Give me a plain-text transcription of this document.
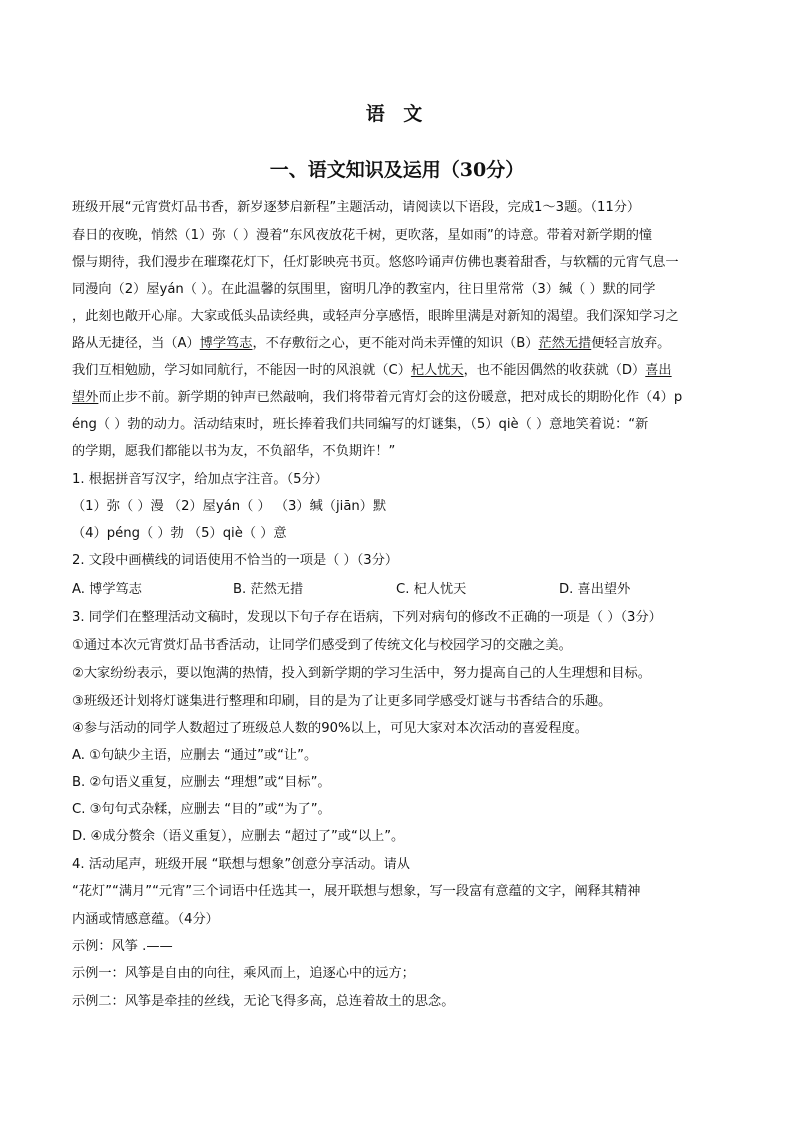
语 文
一、语文知识及运用（30分）
班级开展“元宵赏灯品书香，新岁逐梦启新程”主题活动，请阅读以下语段，完成1～3题。（11分）
春日的夜晚，悄然（1）弥（ ）漫着“东风夜放花千树，更吹落，星如雨”的诗意。带着对新学期的憧
憬与期待，我们漫步在璀璨花灯下，任灯影映亮书页。悠悠吟诵声仿佛也裹着甜香，与软糯的元宵气息一
同漫向（2）屋yán（ ）。在此温馨的氛围里，窗明几净的教室内，往日里常常（3）缄（ ）默的同学
，此刻也敞开心扉。大家或低头品读经典，或轻声分享感悟，眼眸里满是对新知的渴望。我们深知学习之
路从无捷径，当（A）博学笃志，不存敷衍之心，更不能对尚未弄懂的知识（B）茫然无措便轻言放弃。
我们互相勉励，学习如同航行，不能因一时的风浪就（C）杞人忧天，也不能因偶然的收获就（D）喜出
望外而止步不前。新学期的钟声已然敲响，我们将带着元宵灯会的这份暖意，把对成长的期盼化作（4）p
éng（ ）勃的动力。活动结束时，班长捧着我们共同编写的灯谜集，（5）qiè（ ）意地笑着说：“新
的学期，愿我们都能以书为友，不负韶华，不负期许！”
1. 根据拼音写汉字，给加点字注音。（5分）
（1）弥（ ）漫 （2）屋yán（ ） （3）缄（jiān）默
（4）péng（ ）勃 （5）qiè（ ）意
2. 文段中画横线的词语使用不恰当的一项是（ ）（3分）
A. 博学笃志	B. 茫然无措	C. 杞人忧天	D. 喜出望外
3. 同学们在整理活动文稿时，发现以下句子存在语病，下列对病句的修改不正确的一项是（ ）（3分）
①通过本次元宵赏灯品书香活动，让同学们感受到了传统文化与校园学习的交融之美。
②大家纷纷表示，要以饱满的热情，投入到新学期的学习生活中，努力提高自己的人生理想和目标。
③班级还计划将灯谜集进行整理和印刷，目的是为了让更多同学感受灯谜与书香结合的乐趣。
④参与活动的同学人数超过了班级总人数的90%以上，可见大家对本次活动的喜爱程度。
A. ①句缺少主语，应删去 “通过”或“让”。
B. ②句语义重复，应删去 “理想”或“目标”。
C. ③句句式杂糅，应删去 “目的”或“为了”。
D. ④成分赘余（语义重复），应删去 “超过了”或“以上”。
4. 活动尾声，班级开展 “联想与想象”创意分享活动。请从
“花灯”“满月”“元宵”三个词语中任选其一，展开联想与想象，写一段富有意蕴的文字，阐释其精神
内涵或情感意蕴。（4分）
示例：风筝 .——
示例一：风筝是自由的向往，乘风而上，追逐心中的远方；
示例二：风筝是牵挂的丝线，无论飞得多高，总连着故土的思念。
